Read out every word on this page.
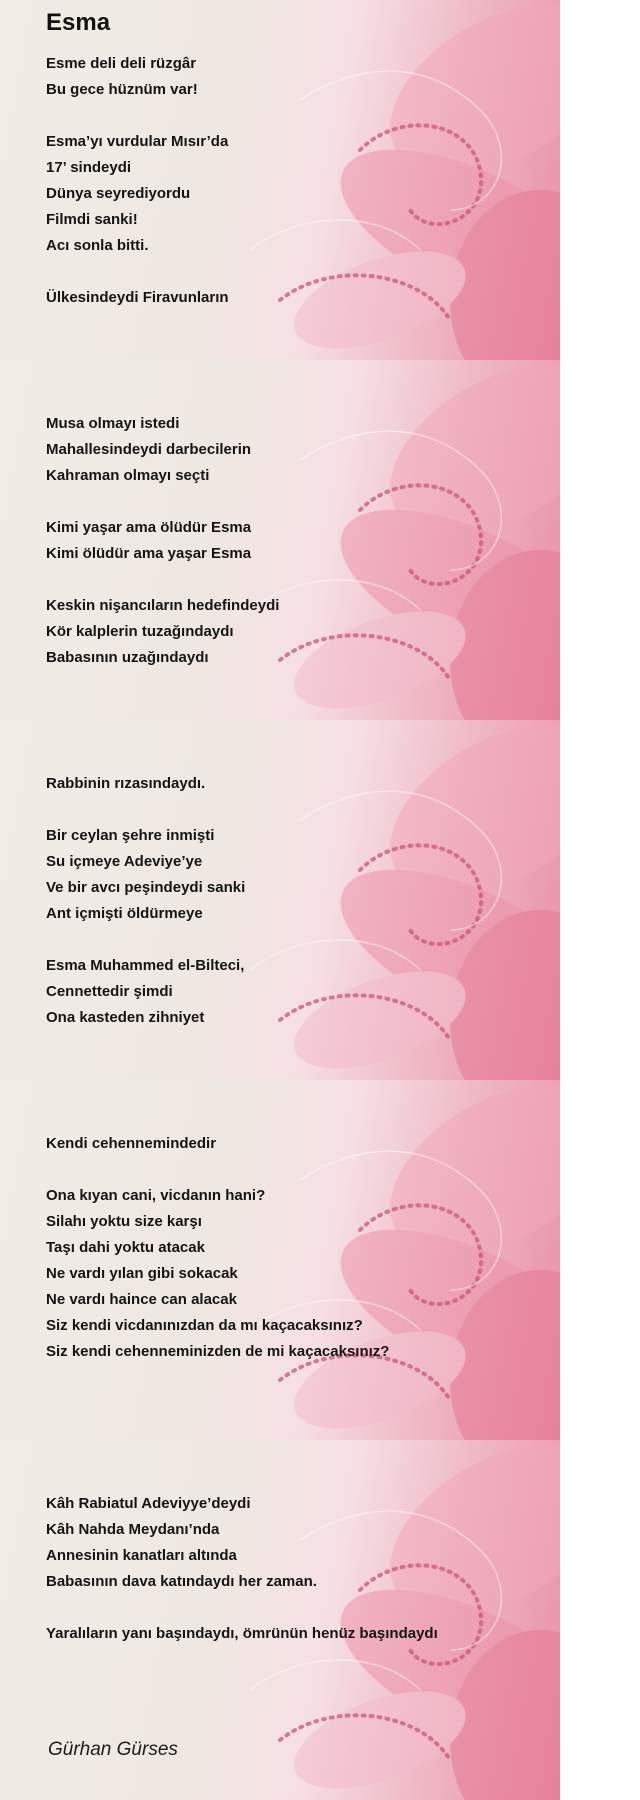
Esma
Esme deli deli rüzgâr
Bu gece hüznüm var!
Esma’yı vurdular Mısır’da
17’ sindeydi
Dünya seyrediyordu
Filmdi sanki!
Acı sonla bitti.
Ülkesindeydi Firavunların
Musa olmayı istedi
Mahallesindeydi darbecilerin
Kahraman olmayı seçti
Kimi yaşar ama ölüdür Esma
Kimi ölüdür ama yaşar Esma
Keskin nişancıların hedefindeydi
Kör kalplerin tuzağındaydı
Babasının uzağındaydı
Rabbinin rızasındaydı.
Bir ceylan şehre inmişti
Su içmeye Adeviye’ye
Ve bir avcı peşindeydi sanki
Ant içmişti öldürmeye
Esma Muhammed el-Bilteci,
Cennettedir şimdi
Ona kasteden zihniyet
Kendi cehennemindedir
Ona kıyan cani, vicdanın hani?
Silahı yoktu size karşı
Taşı dahi yoktu atacak
Ne vardı yılan gibi sokacak
Ne vardı haince can alacak
Siz kendi vicdanınızdan da mı kaçacaksınız?
Siz kendi cehenneminizden de mi kaçacaksınız?
Kâh Rabiatul Adeviyye’deydi
Kâh Nahda Meydanı’nda
Annesinin kanatları altında
Babasının dava katındaydı her zaman.
Yaralıların yanı başındaydı, ömrünün henüz başındaydı
Gürhan Gürses
